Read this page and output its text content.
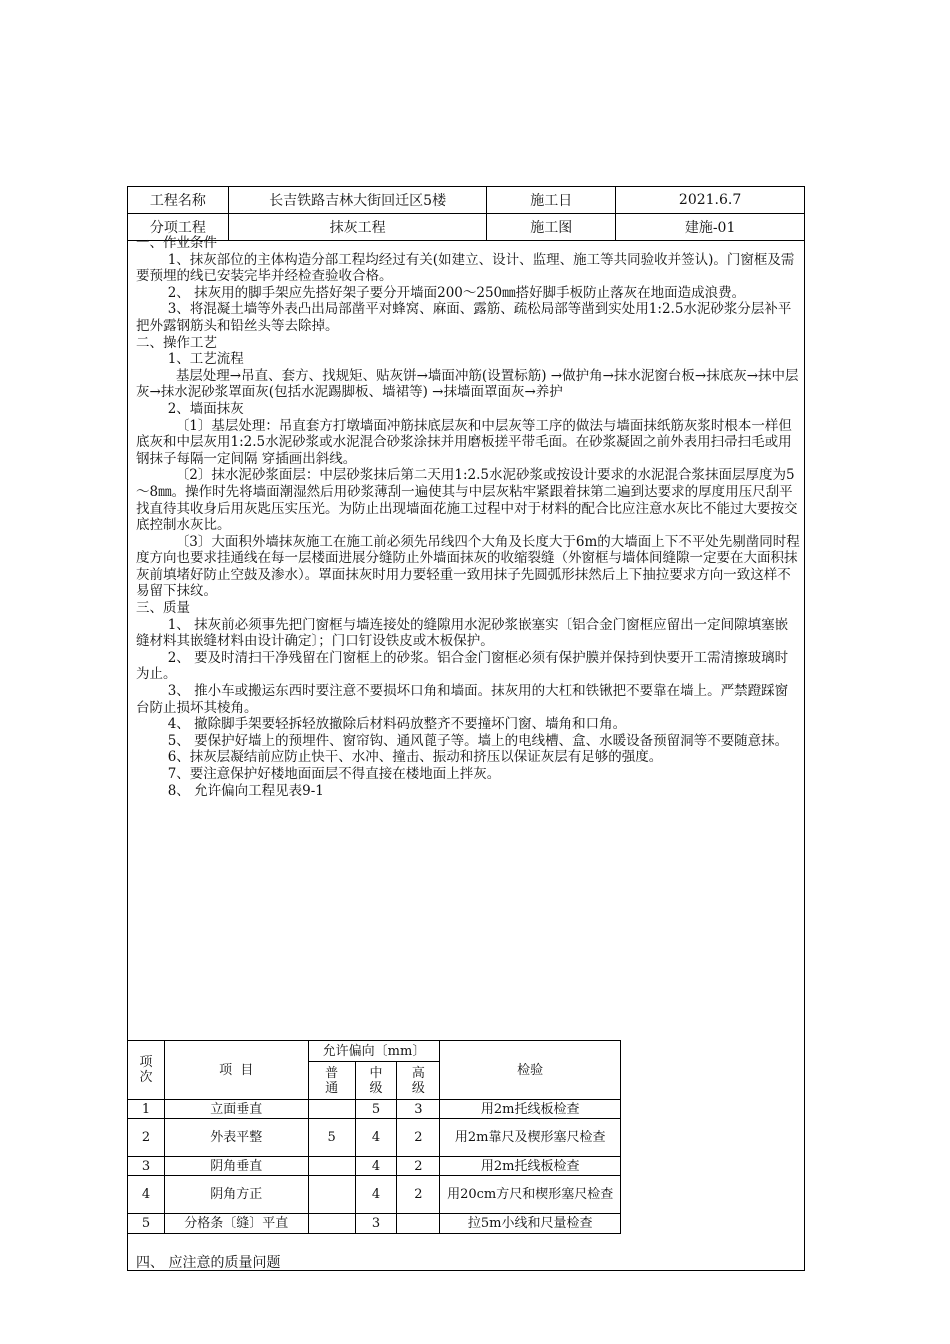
工程名称	长吉铁路吉林大街回迁区5楼	施工日	2021.6.7
分项工程	抹灰工程	施工图	建施-01

一、作业条件

1、抹灰部位的主体构造分部工程均经过有关(如建立、设计、监理、施工等共同验收并签认)。门窗框及需要预埋的线已安装完毕并经检查验收合格。

2、 抹灰用的脚手架应先搭好架子要分开墙面200～250㎜搭好脚手板防止落灰在地面造成浪费。

3、将混凝土墙等外表凸出局部凿平对蜂窝、麻面、露筋、疏松局部等凿到实处用1:2.5水泥砂浆分层补平把外露钢筋头和铅丝头等去除掉。

二、操作工艺

1、工艺流程

基层处理→吊直、套方、找规矩、贴灰饼→墙面冲筋(设置标筋) →做护角→抹水泥窗台板→抹底灰→抹中层灰→抹水泥砂浆罩面灰(包括水泥踢脚板、墙裙等) →抹墙面罩面灰→养护

2、墙面抹灰

〔1〕基层处理：吊直套方打墩墙面冲筋抹底层灰和中层灰等工序的做法与墙面抹纸筋灰浆时根本一样但底灰和中层灰用1:2.5水泥砂浆或水泥混合砂浆涂抹并用磨板搓平带毛面。在砂浆凝固之前外表用扫帚扫毛或用钢抹子每隔一定间隔 穿插画出斜线。

〔2〕抹水泥砂浆面层：中层砂浆抹后第二天用1:2.5水泥砂浆或按设计要求的水泥混合浆抹面层厚度为5～8㎜。操作时先将墙面潮湿然后用砂浆薄刮一遍使其与中层灰粘牢紧跟着抹第二遍到达要求的厚度用压尺刮平找直待其收身后用灰匙压实压光。为防止出现墙面花施工过程中对于材料的配合比应注意水灰比不能过大要按交底控制水灰比。

〔3〕大面积外墙抹灰施工在施工前必须先吊线四个大角及长度大于6m的大墙面上下不平处先剔凿同时程度方向也要求挂通线在每一层楼面进展分缝防止外墙面抹灰的收缩裂缝（外窗框与墙体间缝隙一定要在大面积抹灰前填堵好防止空鼓及渗水）。罩面抹灰时用力要轻重一致用抹子先圆弧形抹然后上下抽拉要求方向一致这样不易留下抹纹。

三、质量

1、 抹灰前必须事先把门窗框与墙连接处的缝隙用水泥砂浆嵌塞实〔铝合金门窗框应留出一定间隙填塞嵌缝材料其嵌缝材料由设计确定〕；门口钉设铁皮或木板保护。

2、 要及时清扫干净残留在门窗框上的砂浆。铝合金门窗框必须有保护膜并保持到快要开工需清擦玻璃时为止。

3、 推小车或搬运东西时要注意不要损坏口角和墙面。抹灰用的大杠和铁锹把不要靠在墙上。严禁蹬踩窗台防止损坏其棱角。

4、 撤除脚手架要轻拆轻放撤除后材料码放整齐不要撞坏门窗、墙角和口角。

5、 要保护好墙上的预埋件、窗帘钩、通风蓖子等。墙上的电线槽、盒、水暖设备预留洞等不要随意抹。

6、抹灰层凝结前应防止快干、水冲、撞击、振动和挤压以保证灰层有足够的强度。

7、要注意保护好楼地面面层不得直接在楼地面上拌灰。

8、 允许偏向工程见表9-1

项次	项  目	允许偏向〔mm〕			检验
		普通	中级	高级	
1	立面垂直		5	3	用2m托线板检查
2	外表平整	5	4	2	用2m靠尺及楔形塞尺检查
3	阴角垂直		4	2	用2m托线板检查
4	阴角方正		4	2	用20cm方尺和楔形塞尺检查
5	分格条〔缝〕平直		3		拉5m小线和尺量检查
四、 应注意的质量问题
